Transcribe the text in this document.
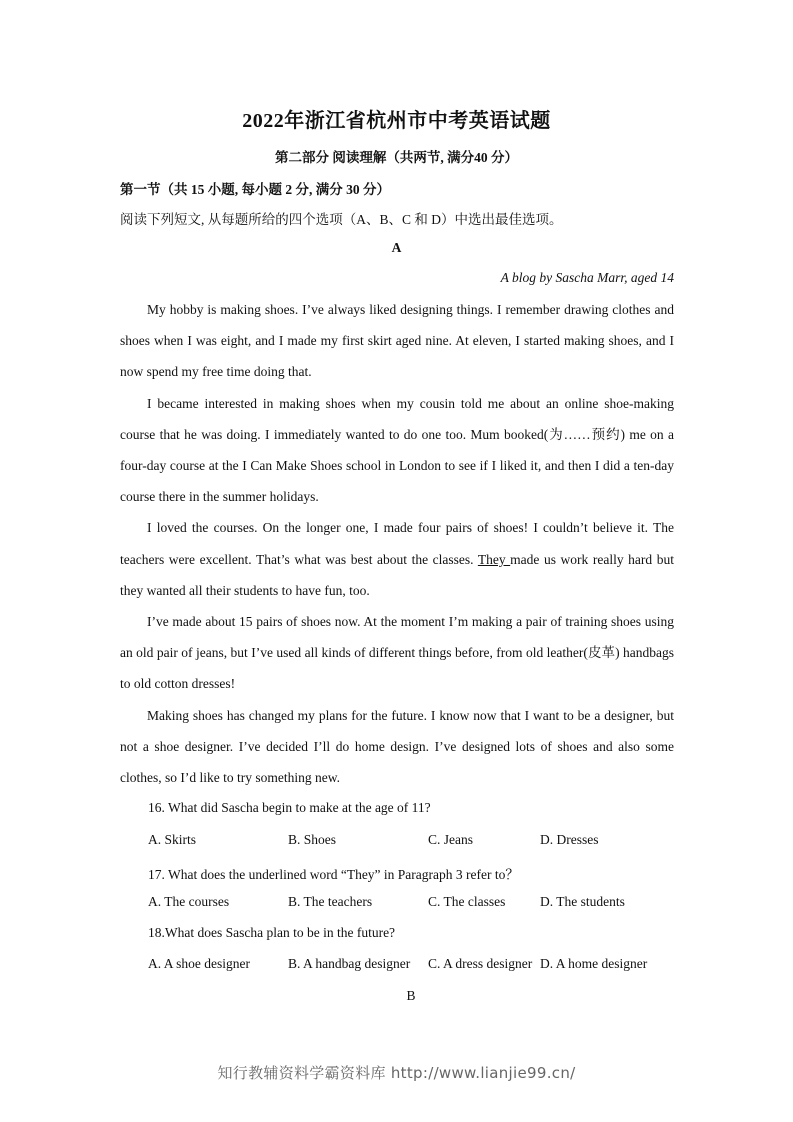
2022年浙江省杭州市中考英语试题
第二部分 阅读理解（共两节, 满分40 分）
第一节（共 15 小题, 每小题 2 分, 满分 30 分）
阅读下列短文, 从每题所给的四个选项（A、B、C 和 D）中选出最佳选项。
A
A blog by Sascha Marr, aged 14

My hobby is making shoes. I’ve always liked designing things. I remember drawing clothes and shoes when I was eight, and I made my first skirt aged nine. At eleven, I started making shoes, and I now spend my free time doing that.

I became interested in making shoes when my cousin told me about an online shoe-making course that he was doing. I immediately wanted to do one too. Mum booked(为……预约) me on a four-day course at the I Can Make Shoes school in London to see if I liked it, and then I did a ten-day course there in the summer holidays.

I loved the courses. On the longer one, I made four pairs of shoes! I couldn’t believe it. The teachers were excellent. That’s what was best about the classes. They made us work really hard but they wanted all their students to have fun, too.

I’ve made about 15 pairs of shoes now. At the moment I’m making a pair of training shoes using an old pair of jeans, but I’ve used all kinds of different things before, from old leather(皮革) handbags to old cotton dresses!

Making shoes has changed my plans for the future. I know now that I want to be a designer, but not a shoe designer. I’ve decided I’ll do home design. I’ve designed lots of shoes and also some clothes, so I’d like to try something new.

16. What did Sascha begin to make at the age of 11?
A. Skirts	B. Shoes	C. Jeans	D. Dresses
17. What does the underlined word “They” in Paragraph 3 refer to？
A. The courses	B. The teachers	C. The classes	D. The students
18.What does Sascha plan to be in the future?
A. A shoe designer	B. A handbag designer C. A dress designer D. A home designer
B
知行教辅资料学霸资料库 http://www.lianjie99.cn/
